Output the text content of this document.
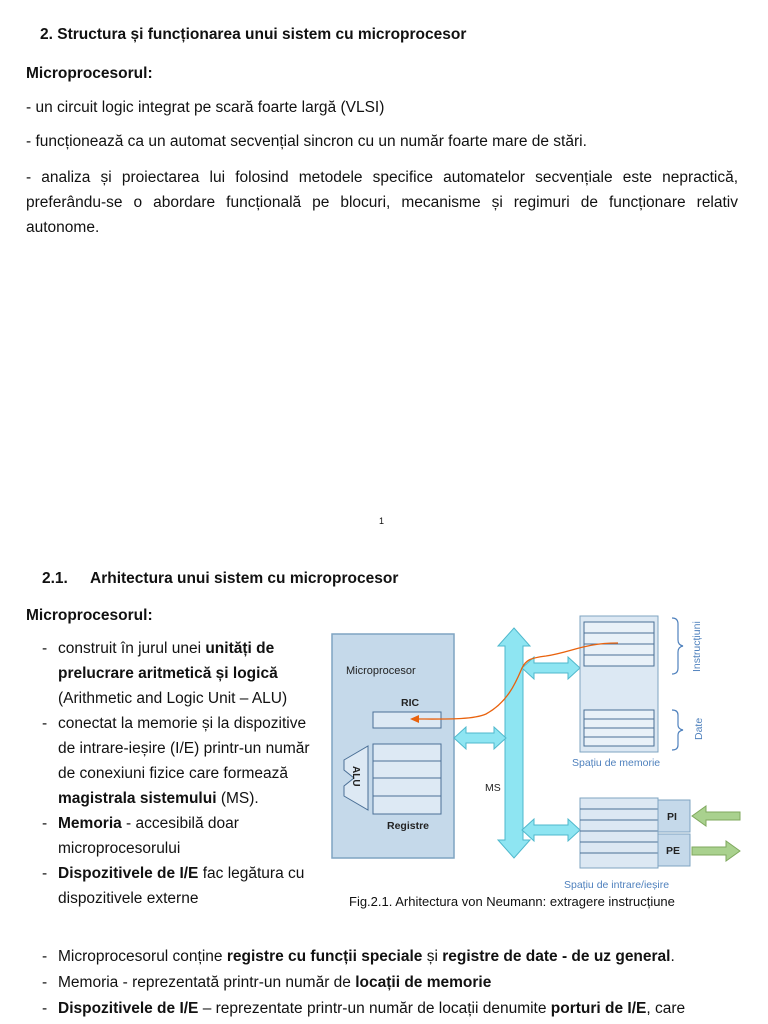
2. Structura și funcționarea unui sistem cu microprocesor
Microprocesorul:
- un circuit logic integrat pe scară foarte largă (VLSI)
- funcționează ca un automat secvențial sincron cu un număr foarte mare de stări.
- analiza și proiectarea lui folosind metodele specifice automatelor secvențiale este nepractică, preferându-se o abordare funcțională pe blocuri, mecanisme și regimuri de funcționare relativ autonome.
1
2.1. Arhitectura unui sistem cu microprocesor
Microprocesorul:
- construit în jurul unei unități de prelucrare aritmetică și logică (Arithmetic and Logic Unit – ALU)
- conectat la memorie și la dispozitive de intrare-ieșire (I/E) printr-un număr de conexiuni fizice care formează magistrala sistemului (MS).
- Memoria - accesibilă doar microprocesorului
- Dispozitivele de I/E fac legătura cu dispozitivele externe
Microprocesor
RIC
Registre
ALU
MS
Instrucțiuni
Date
Spațiu de memorie
PI
PE
Spațiu de intrare/ieșire
Fig.2.1. Arhitectura von Neumann: extragere instrucțiune
- Microprocesorul conține registre cu funcții speciale și registre de date - de uz general.
- Memoria - reprezentată printr-un număr de locații de memorie
- Dispozitivele de I/E – reprezentate printr-un număr de locații denumite porturi de I/E, care
